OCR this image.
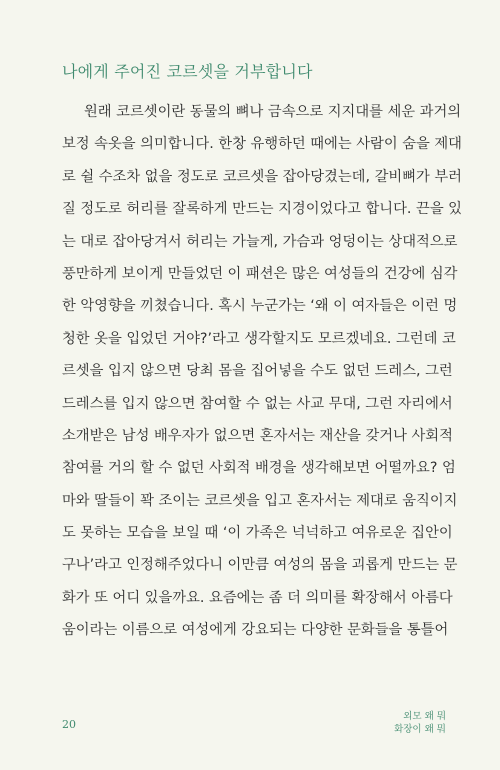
나에게 주어진 코르셋을 거부합니다
원래 코르셋이란 동물의 뼈나 금속으로 지지대를 세운 과거의
보정 속옷을 의미합니다. 한창 유행하던 때에는 사람이 숨을 제대
로 쉴 수조차 없을 정도로 코르셋을 잡아당겼는데, 갈비뼈가 부러
질 정도로 허리를 잘록하게 만드는 지경이었다고 합니다. 끈을 있
는 대로 잡아당겨서 허리는 가늘게, 가슴과 엉덩이는 상대적으로
풍만하게 보이게 만들었던 이 패션은 많은 여성들의 건강에 심각
한 악영향을 끼쳤습니다. 혹시 누군가는 ‘왜 이 여자들은 이런 멍
청한 옷을 입었던 거야?’라고 생각할지도 모르겠네요. 그런데 코
르셋을 입지 않으면 당최 몸을 집어넣을 수도 없던 드레스, 그런
드레스를 입지 않으면 참여할 수 없는 사교 무대, 그런 자리에서
소개받은 남성 배우자가 없으면 혼자서는 재산을 갖거나 사회적
참여를 거의 할 수 없던 사회적 배경을 생각해보면 어떨까요? 엄
마와 딸들이 꽉 조이는 코르셋을 입고 혼자서는 제대로 움직이지
도 못하는 모습을 보일 때 ‘이 가족은 넉넉하고 여유로운 집안이
구나’라고 인정해주었다니 이만큼 여성의 몸을 괴롭게 만드는 문
화가 또 어디 있을까요. 요즘에는 좀 더 의미를 확장해서 아름다
움이라는 이름으로 여성에게 강요되는 다양한 문화들을 통틀어
20
외모 왜 뭐
화장이 왜 뭐
